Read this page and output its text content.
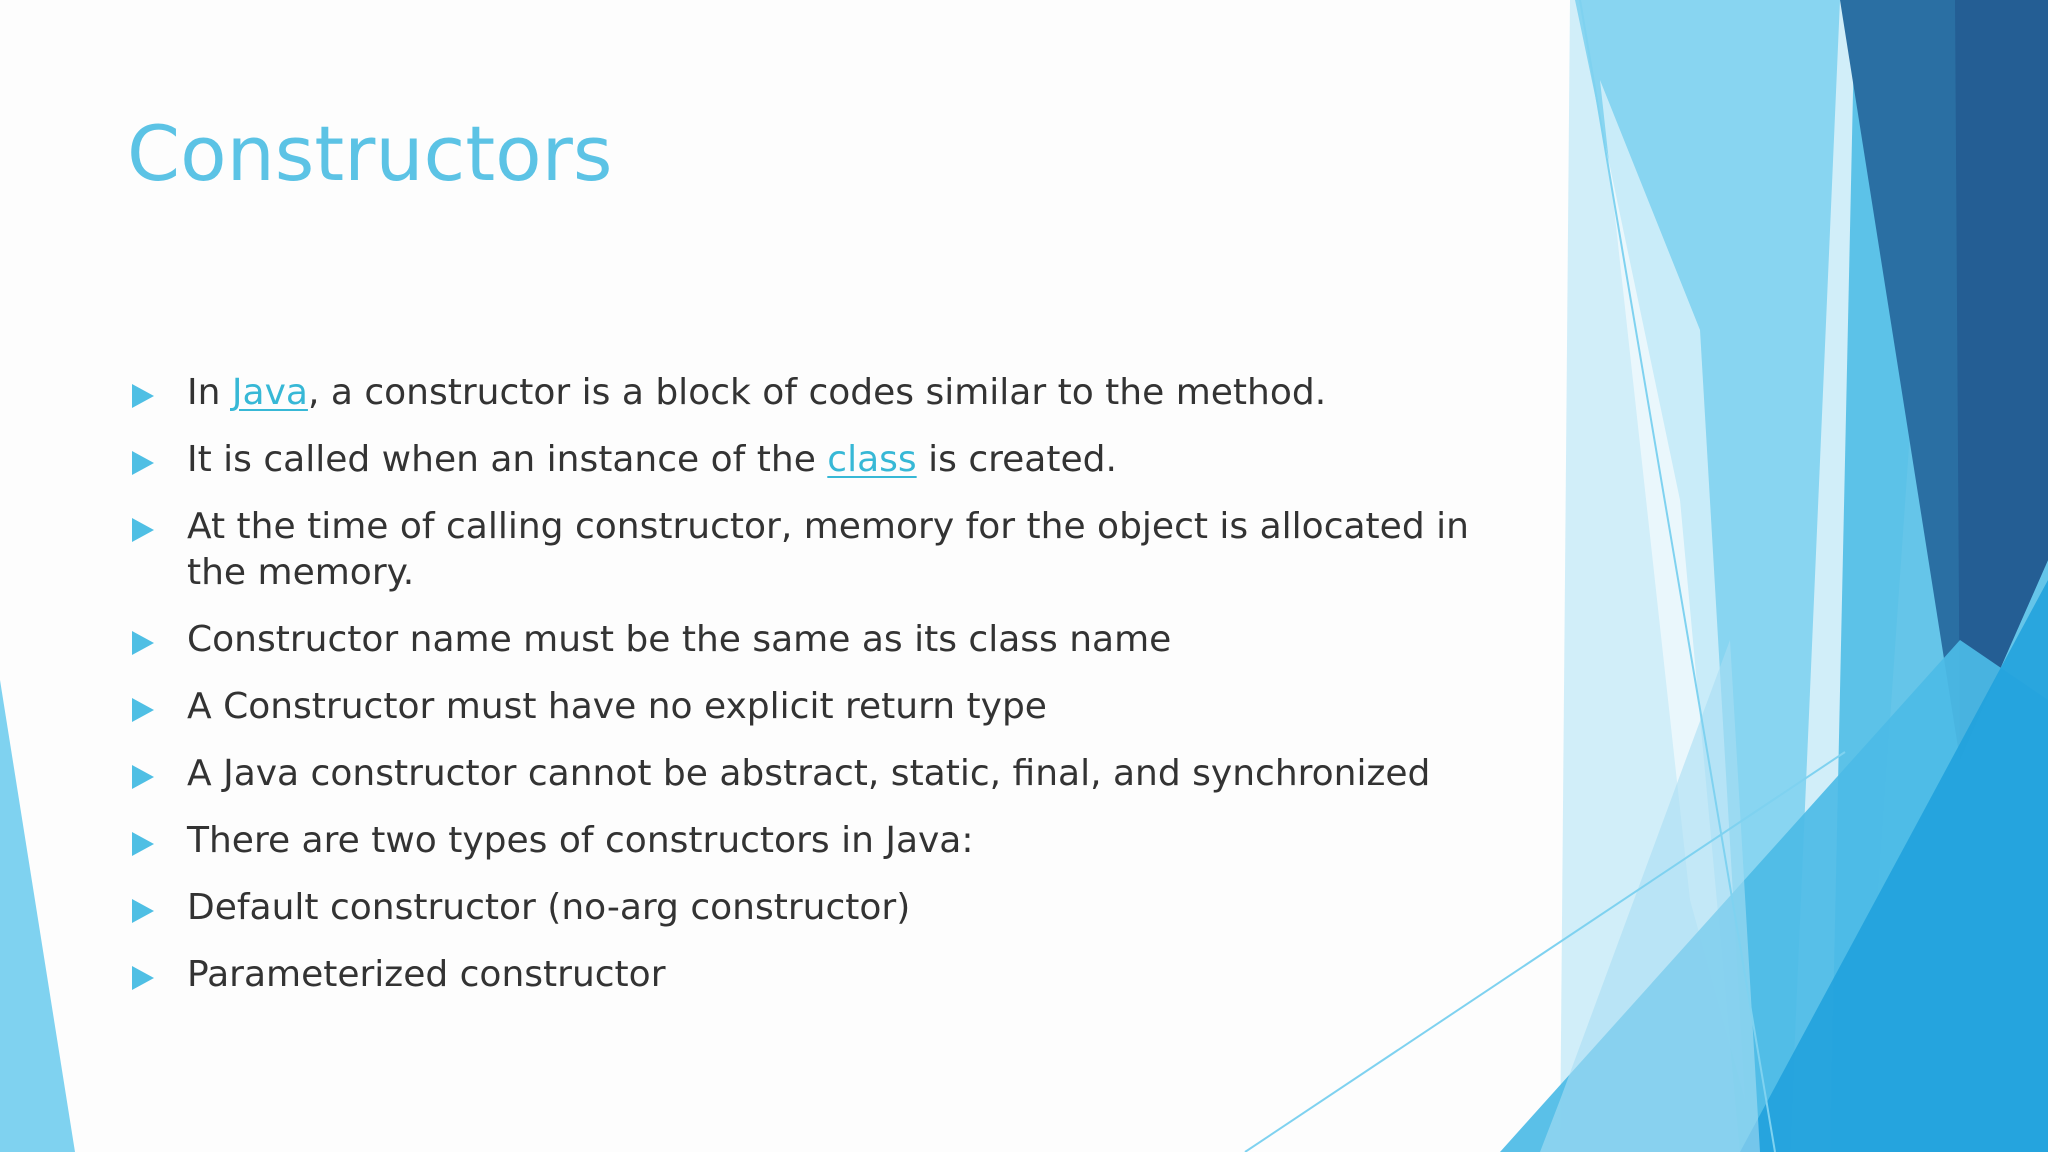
Constructors
In Java, a constructor is a block of codes similar to the method.
It is called when an instance of the class is created.
At the time of calling constructor, memory for the object is allocated in the memory.
Constructor name must be the same as its class name
A Constructor must have no explicit return type
A Java constructor cannot be abstract, static, final, and synchronized
There are two types of constructors in Java:
Default constructor (no-arg constructor)
Parameterized constructor
